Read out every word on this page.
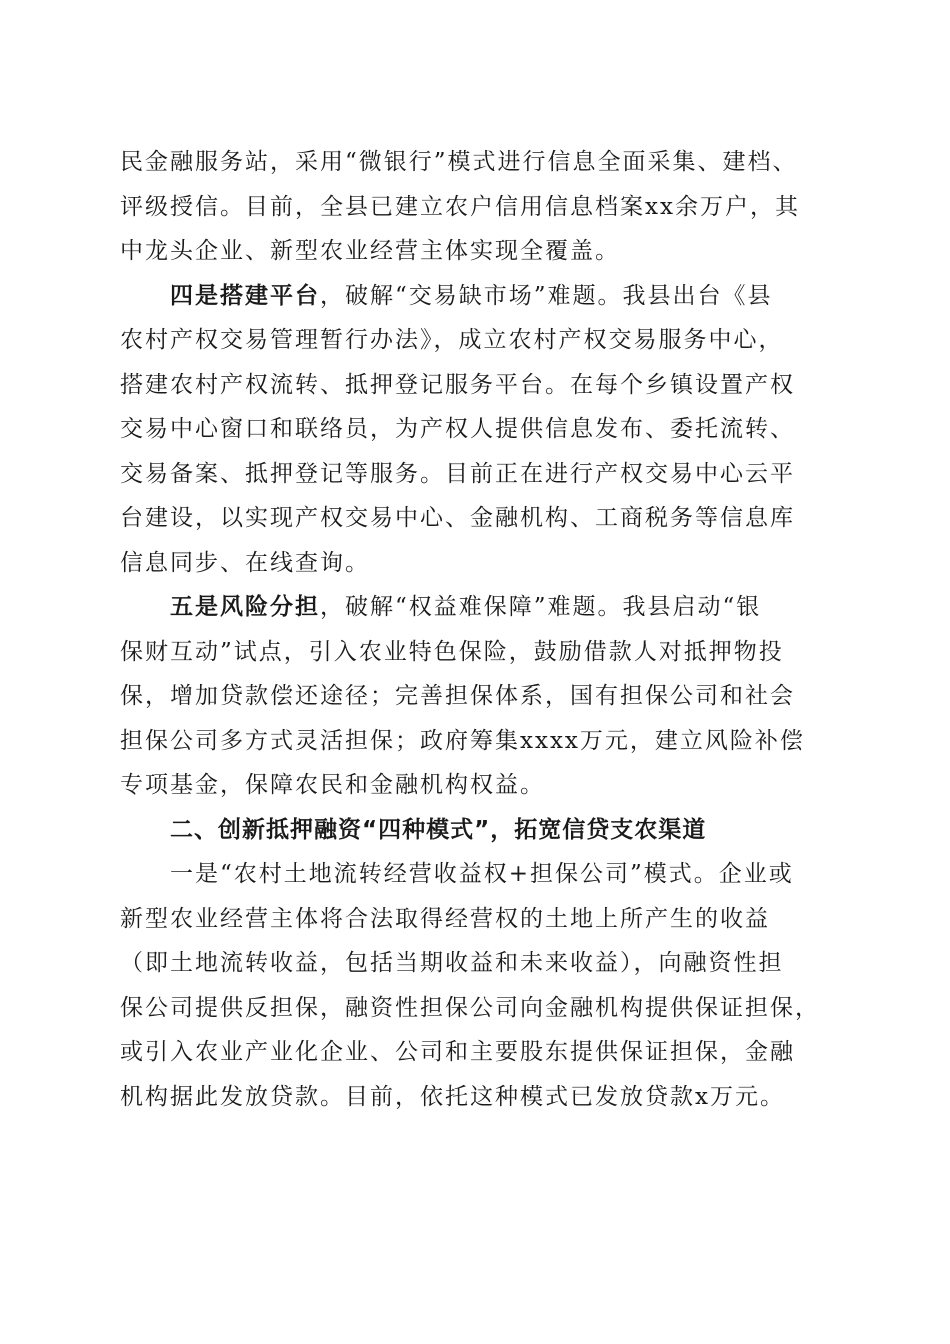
民金融服务站，采用“微银行”模式进行信息全面采集、建档、
评级授信。目前，全县已建立农户信用信息档案xx余万户，其
中龙头企业、新型农业经营主体实现全覆盖。
四是搭建平台，破解“交易缺市场”难题。我县出台《县
农村产权交易管理暂行办法》，成立农村产权交易服务中心，
搭建农村产权流转、抵押登记服务平台。在每个乡镇设置产权
交易中心窗口和联络员，为产权人提供信息发布、委托流转、
交易备案、抵押登记等服务。目前正在进行产权交易中心云平
台建设，以实现产权交易中心、金融机构、工商税务等信息库
信息同步、在线查询。
五是风险分担，破解“权益难保障”难题。我县启动“银
保财互动”试点，引入农业特色保险，鼓励借款人对抵押物投
保，增加贷款偿还途径；完善担保体系，国有担保公司和社会
担保公司多方式灵活担保；政府筹集xxxx万元，建立风险补偿
专项基金，保障农民和金融机构权益。
二、创新抵押融资“四种模式”，拓宽信贷支农渠道
一是“农村土地流转经营收益权+担保公司”模式。企业或
新型农业经营主体将合法取得经营权的土地上所产生的收益
（即土地流转收益，包括当期收益和未来收益），向融资性担
保公司提供反担保，融资性担保公司向金融机构提供保证担保，
或引入农业产业化企业、公司和主要股东提供保证担保，金融
机构据此发放贷款。目前，依托这种模式已发放贷款x万元。
